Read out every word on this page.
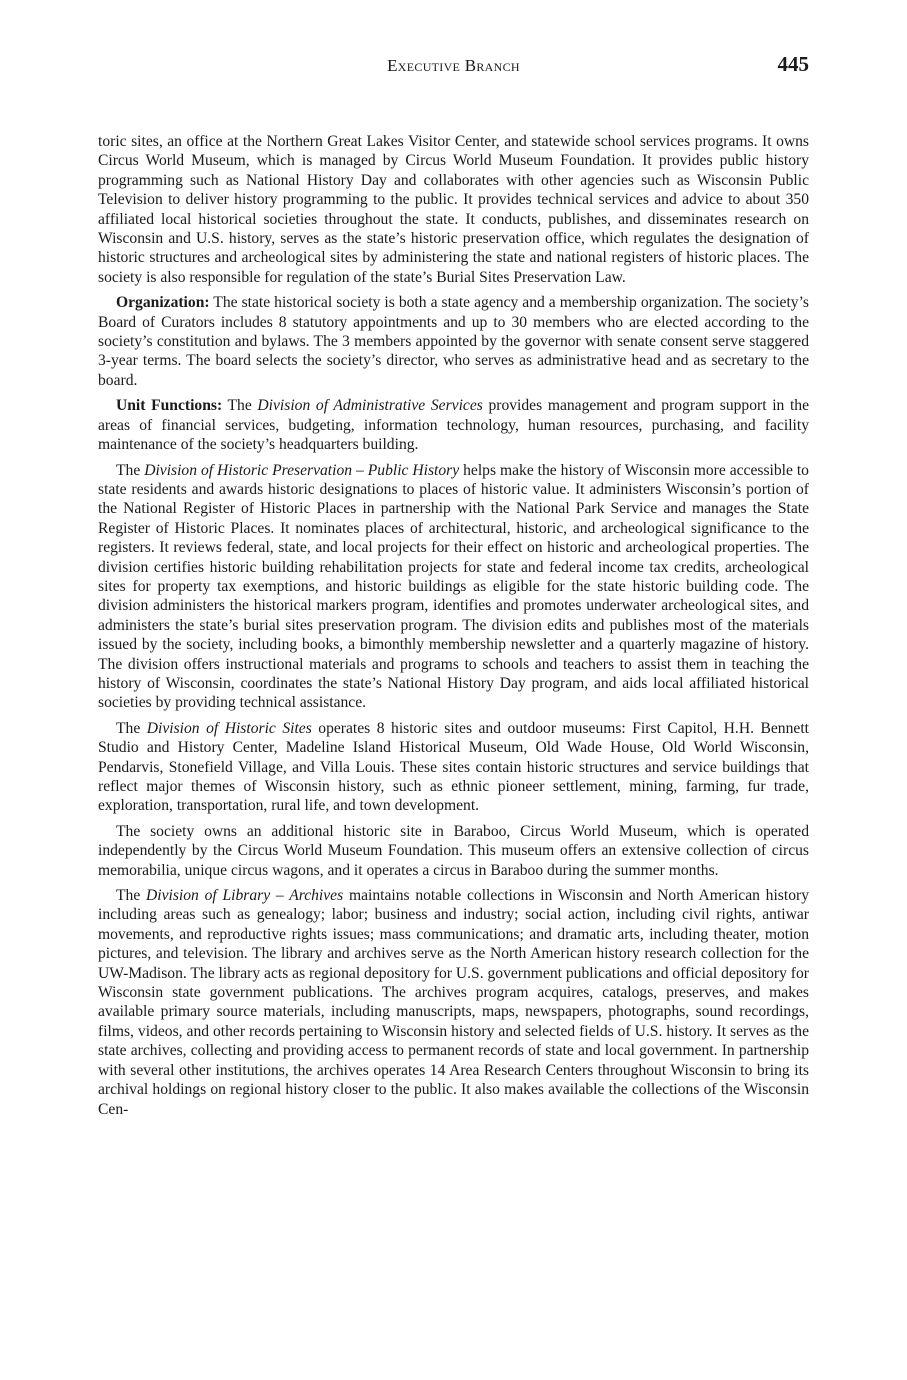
Executive Branch	445

toric sites, an office at the Northern Great Lakes Visitor Center, and statewide school services programs. It owns Circus World Museum, which is managed by Circus World Museum Foundation. It provides public history programming such as National History Day and collaborates with other agencies such as Wisconsin Public Television to deliver history programming to the public. It provides technical services and advice to about 350 affiliated local historical societies throughout the state. It conducts, publishes, and disseminates research on Wisconsin and U.S. history, serves as the state’s historic preservation office, which regulates the designation of historic structures and archeological sites by administering the state and national registers of historic places. The society is also responsible for regulation of the state’s Burial Sites Preservation Law.

Organization: The state historical society is both a state agency and a membership organization. The society’s Board of Curators includes 8 statutory appointments and up to 30 members who are elected according to the society’s constitution and bylaws. The 3 members appointed by the governor with senate consent serve staggered 3-year terms. The board selects the society’s director, who serves as administrative head and as secretary to the board.

Unit Functions: The Division of Administrative Services provides management and program support in the areas of financial services, budgeting, information technology, human resources, purchasing, and facility maintenance of the society’s headquarters building.

The Division of Historic Preservation – Public History helps make the history of Wisconsin more accessible to state residents and awards historic designations to places of historic value. It administers Wisconsin’s portion of the National Register of Historic Places in partnership with the National Park Service and manages the State Register of Historic Places. It nominates places of architectural, historic, and archeological significance to the registers. It reviews federal, state, and local projects for their effect on historic and archeological properties. The division certifies historic building rehabilitation projects for state and federal income tax credits, archeological sites for property tax exemptions, and historic buildings as eligible for the state historic building code. The division administers the historical markers program, identifies and promotes underwater archeological sites, and administers the state’s burial sites preservation program. The division edits and publishes most of the materials issued by the society, including books, a bimonthly membership newsletter and a quarterly magazine of history. The division offers instructional materials and programs to schools and teachers to assist them in teaching the history of Wisconsin, coordinates the state’s National History Day program, and aids local affiliated historical societies by providing technical assistance.

The Division of Historic Sites operates 8 historic sites and outdoor museums: First Capitol, H.H. Bennett Studio and History Center, Madeline Island Historical Museum, Old Wade House, Old World Wisconsin, Pendarvis, Stonefield Village, and Villa Louis. These sites contain historic structures and service buildings that reflect major themes of Wisconsin history, such as ethnic pioneer settlement, mining, farming, fur trade, exploration, transportation, rural life, and town development.

The society owns an additional historic site in Baraboo, Circus World Museum, which is operated independently by the Circus World Museum Foundation. This museum offers an extensive collection of circus memorabilia, unique circus wagons, and it operates a circus in Baraboo during the summer months.

The Division of Library – Archives maintains notable collections in Wisconsin and North American history including areas such as genealogy; labor; business and industry; social action, including civil rights, antiwar movements, and reproductive rights issues; mass communications; and dramatic arts, including theater, motion pictures, and television. The library and archives serve as the North American history research collection for the UW-Madison. The library acts as regional depository for U.S. government publications and official depository for Wisconsin state government publications. The archives program acquires, catalogs, preserves, and makes available primary source materials, including manuscripts, maps, newspapers, photographs, sound recordings, films, videos, and other records pertaining to Wisconsin history and selected fields of U.S. history. It serves as the state archives, collecting and providing access to permanent records of state and local government. In partnership with several other institutions, the archives operates 14 Area Research Centers throughout Wisconsin to bring its archival holdings on regional history closer to the public. It also makes available the collections of the Wisconsin Cen-
